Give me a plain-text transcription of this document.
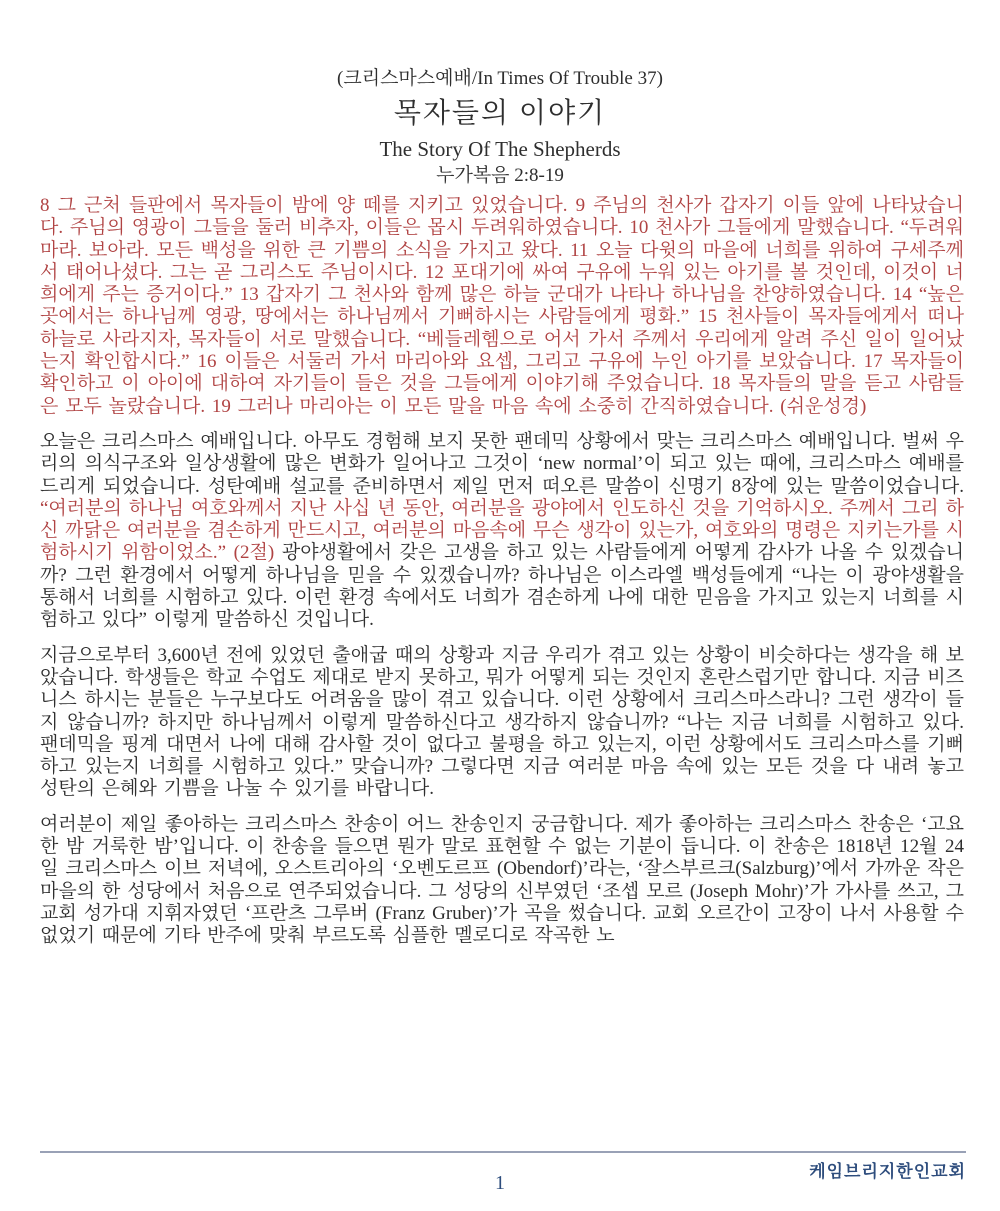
(크리스마스예배/In Times Of Trouble 37)
목자들의 이야기
The Story Of The Shepherds
누가복음 2:8-19

8 그 근처 들판에서 목자들이 밤에 양 떼를 지키고 있었습니다. 9 주님의 천사가 갑자기 이들 앞에 나타났습니다. 주님의 영광이 그들을 둘러 비추자, 이들은 몹시 두려워하였습니다. 10 천사가 그들에게 말했습니다. “두려워 마라. 보아라. 모든 백성을 위한 큰 기쁨의 소식을 가지고 왔다. 11 오늘 다윗의 마을에 너희를 위하여 구세주께서 태어나셨다. 그는 곧 그리스도 주님이시다. 12 포대기에 싸여 구유에 누워 있는 아기를 볼 것인데, 이것이 너희에게 주는 증거이다.” 13 갑자기 그 천사와 함께 많은 하늘 군대가 나타나 하나님을 찬양하였습니다. 14 “높은 곳에서는 하나님께 영광, 땅에서는 하나님께서 기뻐하시는 사람들에게 평화.” 15 천사들이 목자들에게서 떠나 하늘로 사라지자, 목자들이 서로 말했습니다. “베들레헴으로 어서 가서 주께서 우리에게 알려 주신 일이 일어났는지 확인합시다.” 16 이들은 서둘러 가서 마리아와 요셉, 그리고 구유에 누인 아기를 보았습니다. 17 목자들이 확인하고 이 아이에 대하여 자기들이 들은 것을 그들에게 이야기해 주었습니다. 18 목자들의 말을 듣고 사람들은 모두 놀랐습니다. 19 그러나 마리아는 이 모든 말을 마음 속에 소중히 간직하였습니다. (쉬운성경)

오늘은 크리스마스 예배입니다. 아무도 경험해 보지 못한 팬데믹 상황에서 맞는 크리스마스 예배입니다. 벌써 우리의 의식구조와 일상생활에 많은 변화가 일어나고 그것이 ‘new normal’이 되고 있는 때에, 크리스마스 예배를 드리게 되었습니다. 성탄예배 설교를 준비하면서 제일 먼저 떠오른 말씀이 신명기 8장에 있는 말씀이었습니다. “여러분의 하나님 여호와께서 지난 사십 년 동안, 여러분을 광야에서 인도하신 것을 기억하시오. 주께서 그리 하신 까닭은 여러분을 겸손하게 만드시고, 여러분의 마음속에 무슨 생각이 있는가, 여호와의 명령은 지키는가를 시험하시기 위함이었소.” (2절) 광야생활에서 갖은 고생을 하고 있는 사람들에게 어떻게 감사가 나올 수 있겠습니까? 그런 환경에서 어떻게 하나님을 믿을 수 있겠습니까? 하나님은 이스라엘 백성들에게 “나는 이 광야생활을 통해서 너희를 시험하고 있다. 이런 환경 속에서도 너희가 겸손하게 나에 대한 믿음을 가지고 있는지 너희를 시험하고 있다” 이렇게 말씀하신 것입니다.

지금으로부터 3,600년 전에 있었던 출애굽 때의 상황과 지금 우리가 겪고 있는 상황이 비슷하다는 생각을 해 보았습니다. 학생들은 학교 수업도 제대로 받지 못하고, 뭐가 어떻게 되는 것인지 혼란스럽기만 합니다. 지금 비즈니스 하시는 분들은 누구보다도 어려움을 많이 겪고 있습니다. 이런 상황에서 크리스마스라니? 그런 생각이 들지 않습니까? 하지만 하나님께서 이렇게 말씀하신다고 생각하지 않습니까? “나는 지금 너희를 시험하고 있다. 팬데믹을 핑계 대면서 나에 대해 감사할 것이 없다고 불평을 하고 있는지, 이런 상황에서도 크리스마스를 기뻐하고 있는지 너희를 시험하고 있다.” 맞습니까? 그렇다면 지금 여러분 마음 속에 있는 모든 것을 다 내려 놓고 성탄의 은혜와 기쁨을 나눌 수 있기를 바랍니다.

여러분이 제일 좋아하는 크리스마스 찬송이 어느 찬송인지 궁금합니다. 제가 좋아하는 크리스마스 찬송은 ‘고요한 밤 거룩한 밤’입니다. 이 찬송을 들으면 뭔가 말로 표현할 수 없는 기분이 듭니다. 이 찬송은 1818년 12월 24일 크리스마스 이브 저녁에, 오스트리아의 ‘오벤도르프 (Obendorf)’라는, ‘잘스부르크(Salzburg)’에서 가까운 작은 마을의 한 성당에서 처음으로 연주되었습니다. 그 성당의 신부였던 ‘조셉 모르 (Joseph Mohr)’가 가사를 쓰고, 그 교회 성가대 지휘자였던 ‘프란츠 그루버 (Franz Gruber)’가 곡을 썼습니다. 교회 오르간이 고장이 나서 사용할 수 없었기 때문에 기타 반주에 맞춰 부르도록 심플한 멜로디로 작곡한 노

케임브리지한인교회
1
